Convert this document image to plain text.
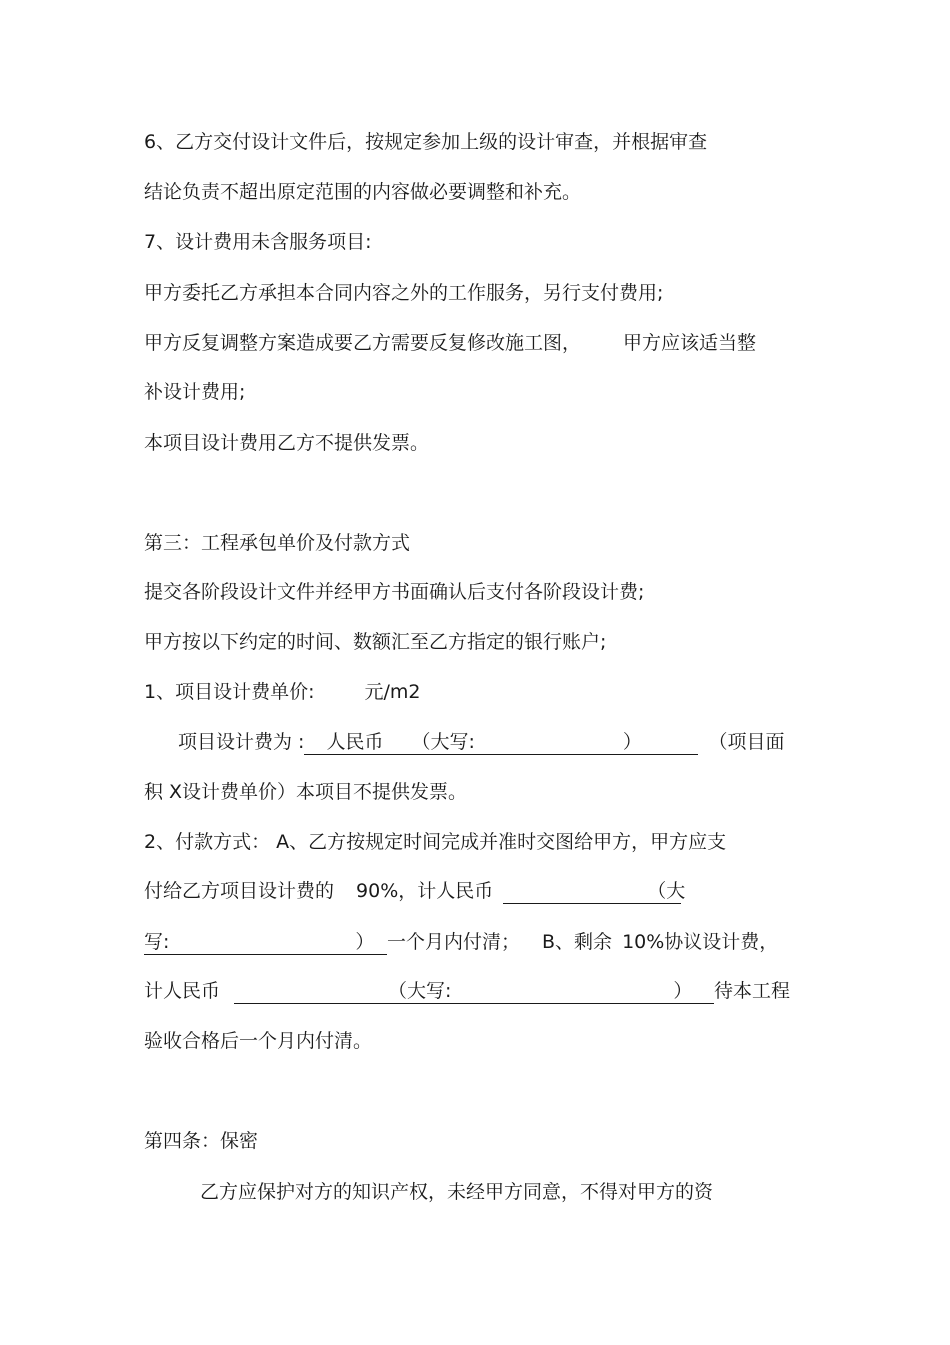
6、乙方交付设计文件后，按规定参加上级的设计审查，并根据审查
结论负责不超出原定范围的内容做必要调整和补充。
7、设计费用未含服务项目:
甲方委托乙方承担本合同内容之外的工作服务，另行支付费用;
甲方反复调整方案造成要乙方需要反复修改施工图， 甲方应该适当整
补设计费用;
本项目设计费用乙方不提供发票。
第三：工程承包单价及付款方式
提交各阶段设计文件并经甲方书面确认后支付各阶段设计费;
甲方按以下约定的时间、数额汇至乙方指定的银行账户;
1、项目设计费单价:	元/m2
项目设计费为 : 人民币 （大写:	）	（项目面
积 X设计费单价）本项目不提供发票。
2、付款方式： A、乙方按规定时间完成并准时交图给甲方，甲方应支
付给乙方项目设计费的 90%，计人民币	（大
写:	） 一个月内付清； B、剩余 10%协议设计费，
计人民币	（大写:	） 待本工程
验收合格后一个月内付清。
第四条：保密
乙方应保护对方的知识产权，未经甲方同意，不得对甲方的资
